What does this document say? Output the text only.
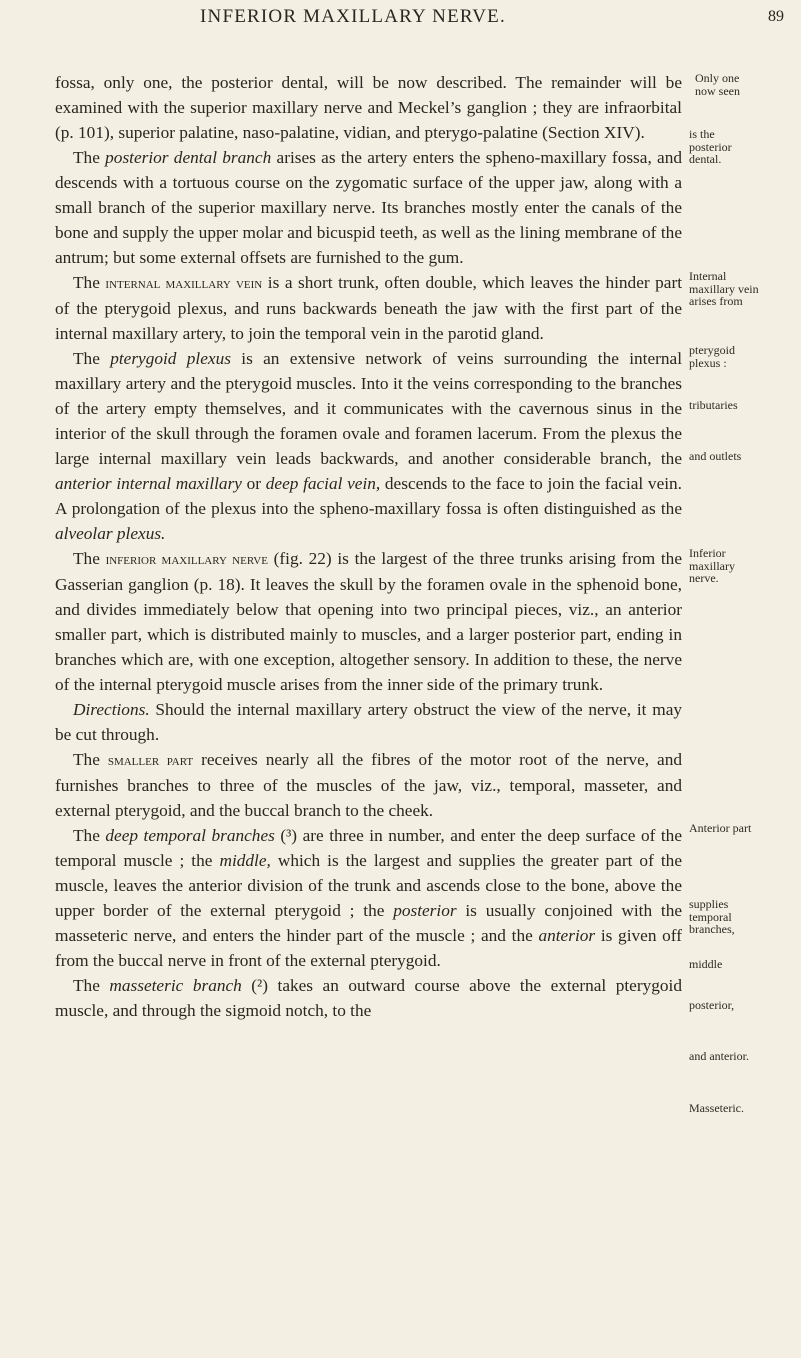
INFERIOR MAXILLARY NERVE.	89

fossa, only one, the posterior dental, will be now described. The remainder will be examined with the superior maxillary nerve and Meckel’s ganglion ; they are infraorbital (p. 101), superior palatine, naso-palatine, vidian, and pterygo-palatine (Section XIV).

The posterior dental branch arises as the artery enters the spheno-maxillary fossa, and descends with a tortuous course on the zygomatic surface of the upper jaw, along with a small branch of the superior maxillary nerve. Its branches mostly enter the canals of the bone and supply the upper molar and bicuspid teeth, as well as the lining membrane of the antrum; but some external offsets are furnished to the gum.

The internal maxillary vein is a short trunk, often double, which leaves the hinder part of the pterygoid plexus, and runs backwards beneath the jaw with the first part of the internal maxillary artery, to join the temporal vein in the parotid gland.

The pterygoid plexus is an extensive network of veins surrounding the internal maxillary artery and the pterygoid muscles. Into it the veins corresponding to the branches of the artery empty themselves, and it communicates with the cavernous sinus in the interior of the skull through the foramen ovale and foramen lacerum. From the plexus the large internal maxillary vein leads backwards, and another considerable branch, the anterior internal maxillary or deep facial vein, descends to the face to join the facial vein. A prolongation of the plexus into the spheno-maxillary fossa is often distinguished as the alveolar plexus.

The inferior maxillary nerve (fig. 22) is the largest of the three trunks arising from the Gasserian ganglion (p. 18). It leaves the skull by the foramen ovale in the sphenoid bone, and divides immediately below that opening into two principal pieces, viz., an anterior smaller part, which is distributed mainly to muscles, and a larger posterior part, ending in branches which are, with one exception, altogether sensory. In addition to these, the nerve of the internal pterygoid muscle arises from the inner side of the primary trunk.

Directions. Should the internal maxillary artery obstruct the view of the nerve, it may be cut through.

The smaller part receives nearly all the fibres of the motor root of the nerve, and furnishes branches to three of the muscles of the jaw, viz., temporal, masseter, and external pterygoid, and the buccal branch to the cheek.

The deep temporal branches (³) are three in number, and enter the deep surface of the temporal muscle ; the middle, which is the largest and supplies the greater part of the muscle, leaves the anterior division of the trunk and ascends close to the bone, above the upper border of the external pterygoid ; the posterior is usually conjoined with the masseteric nerve, and enters the hinder part of the muscle ; and the anterior is given off from the buccal nerve in front of the external pterygoid.

The masseteric branch (²) takes an outward course above the external pterygoid muscle, and through the sigmoid notch, to the

Only one now seen
is the posterior dental.
Internal maxillary vein arises from
pterygoid plexus :
tributaries
and outlets
Inferior maxillary nerve.
Anterior part
supplies temporal branches,
middle
posterior,
and anterior.
Masseteric.
